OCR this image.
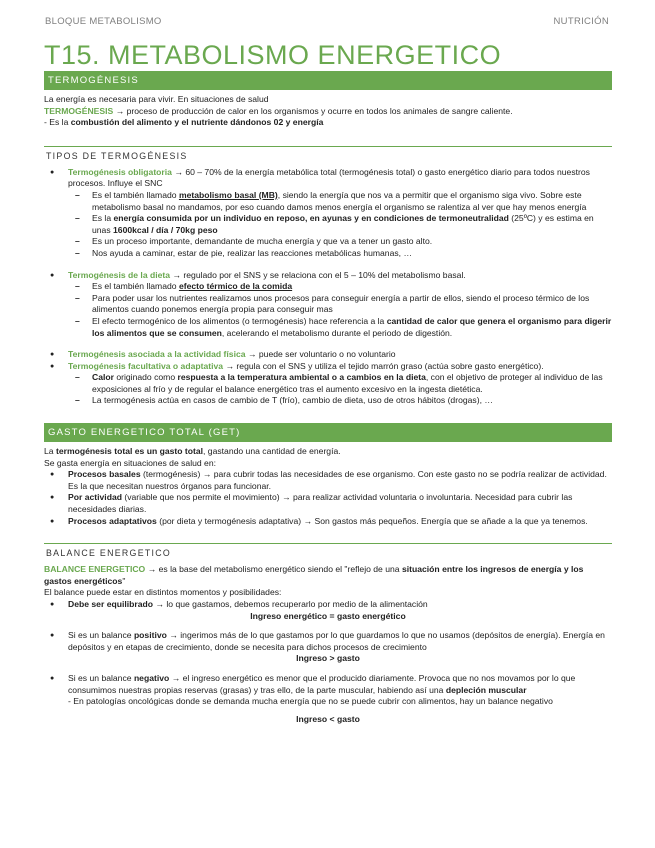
BLOQUE METABOLISMO	NUTRICIÓN
T15. METABOLISMO ENERGETICO
TERMOGÉNESIS

La energía es necesaria para vivir. En situaciones de salud

TERMOGÉNESIS → proceso de producción de calor en los organismos y ocurre en todos los animales de sangre caliente.

- Es la combustión del alimento y el nutriente dándonos 02 y energía

TIPOS DE TERMOGÉNESIS
● Termogénesis obligatoria → 60 – 70% de la energía metabólica total (termogénesis total) o gasto energético diario para todos nuestros procesos. Influye el SNC
– Es el también llamado metabolismo basal (MB), siendo la energía que nos va a permitir que el organismo siga vivo. Sobre este metabolismo basal no mandamos, por eso cuando damos menos energía el organismo se ralentiza al ver que hay menos energía
– Es la energía consumida por un individuo en reposo, en ayunas y en condiciones de termoneutralidad (25ºC) y es estima en unas 1600kcal / día / 70kg peso
– Es un proceso importante, demandante de mucha energía y que va a tener un gasto alto.
– Nos ayuda a caminar, estar de pie, realizar las reacciones metabólicas humanas, …
● Termogénesis de la dieta → regulado por el SNS y se relaciona con el 5 – 10% del metabolismo basal.
– Es el también llamado efecto térmico de la comida
– Para poder usar los nutrientes realizamos unos procesos para conseguir energía a partir de ellos, siendo el proceso térmico de los alimentos cuando ponemos energía propia para conseguir mas
– El efecto termogénico de los alimentos (o termogénesis) hace referencia a la cantidad de calor que genera el organismo para digerir los alimentos que se consumen, acelerando el metabolismo durante el periodo de digestión.
● Termogénesis asociada a la actividad física → puede ser voluntario o no voluntario
● Termogénesis facultativa o adaptativa → regula con el SNS y utiliza el tejido marrón graso (actúa sobre gasto energético).
– Calor originado como respuesta a la temperatura ambiental o a cambios en la dieta, con el objetivo de proteger al individuo de las exposiciones al frío y de regular el balance energético tras el aumento excesivo en la ingesta dietética.
– La termogénesis actúa en casos de cambio de T (frío), cambio de dieta, uso de otros hábitos (drogas), …
GASTO ENERGETICO TOTAL (GET)

La termogénesis total es un gasto total, gastando una cantidad de energía.

Se gasta energía en situaciones de salud en:

● Procesos basales (termogénesis) → para cubrir todas las necesidades de ese organismo. Con este gasto no se podría realizar de actividad. Es la que necesitan nuestros órganos para funcionar.
● Por actividad (variable que nos permite el movimiento) → para realizar actividad voluntaria o involuntaria. Necesidad para cubrir las necesidades diarias.
● Procesos adaptativos (por dieta y termogénesis adaptativa) → Son gastos más pequeños. Energía que se añade a la que ya tenemos.
BALANCE ENERGETICO

BALANCE ENERGETICO → es la base del metabolismo energético siendo el "reflejo de una situación entre los ingresos de energía y los gastos energéticos"

El balance puede estar en distintos momentos y posibilidades:

● Debe ser equilibrado → lo que gastamos, debemos recuperarlo por medio de la alimentación

Ingreso energético = gasto energético

● Si es un balance positivo → ingerimos más de lo que gastamos por lo que guardamos lo que no usamos (depósitos de energía). Energía en depósitos y en etapas de crecimiento, donde se necesita para dichos procesos de crecimiento

Ingreso > gasto

● Si es un balance negativo → el ingreso energético es menor que el producido diariamente. Provoca que no nos movamos por lo que consumimos nuestras propias reservas (grasas) y tras ello, de la parte muscular, habiendo así una depleción muscular
- En patologías oncológicas donde se demanda mucha energía que no se puede cubrir con alimentos, hay un balance negativo

Ingreso < gasto
